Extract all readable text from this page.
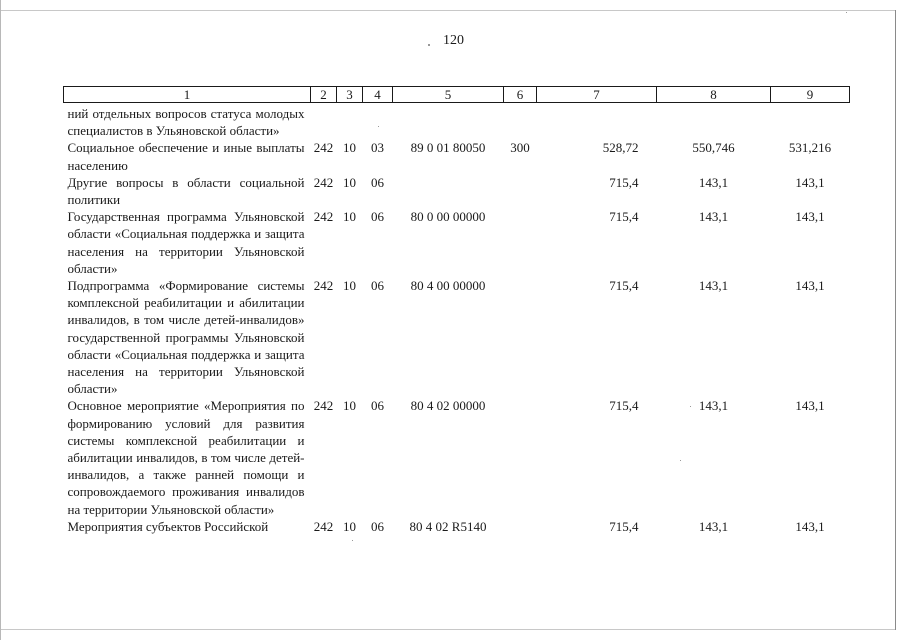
120
1	2	3	4	5	6	7	8	9
ний отдельных вопросов статуса молодых специалистов в Ульяновской области»								
Социальное обеспечение и иные выплаты населению	242	10	03	89 0 01 80050	300	528,72	550,746	531,216
Другие вопросы в области социальной политики	242	10	06			715,4	143,1	143,1
Государственная программа Ульяновской области «Социальная поддержка и защита населения на территории Ульяновской области»	242	10	06	80 0 00 00000		715,4	143,1	143,1
Подпрограмма «Формирование системы комплексной реабилитации и абилитации инвалидов, в том числе детей-инвалидов» государственной программы Ульяновской области «Социальная поддержка и защита населения на территории Ульяновской области»	242	10	06	80 4 00 00000		715,4	143,1	143,1
Основное мероприятие «Мероприятия по формированию условий для развития системы комплексной реабилитации и абилитации инвалидов, в том числе детей-инвалидов, а также ранней помощи и сопровождаемого проживания инвалидов на территории Ульяновской области»	242	10	06	80 4 02 00000		715,4	143,1	143,1
Мероприятия субъектов Российской	242	10	06	80 4 02 R5140		715,4	143,1	143,1
